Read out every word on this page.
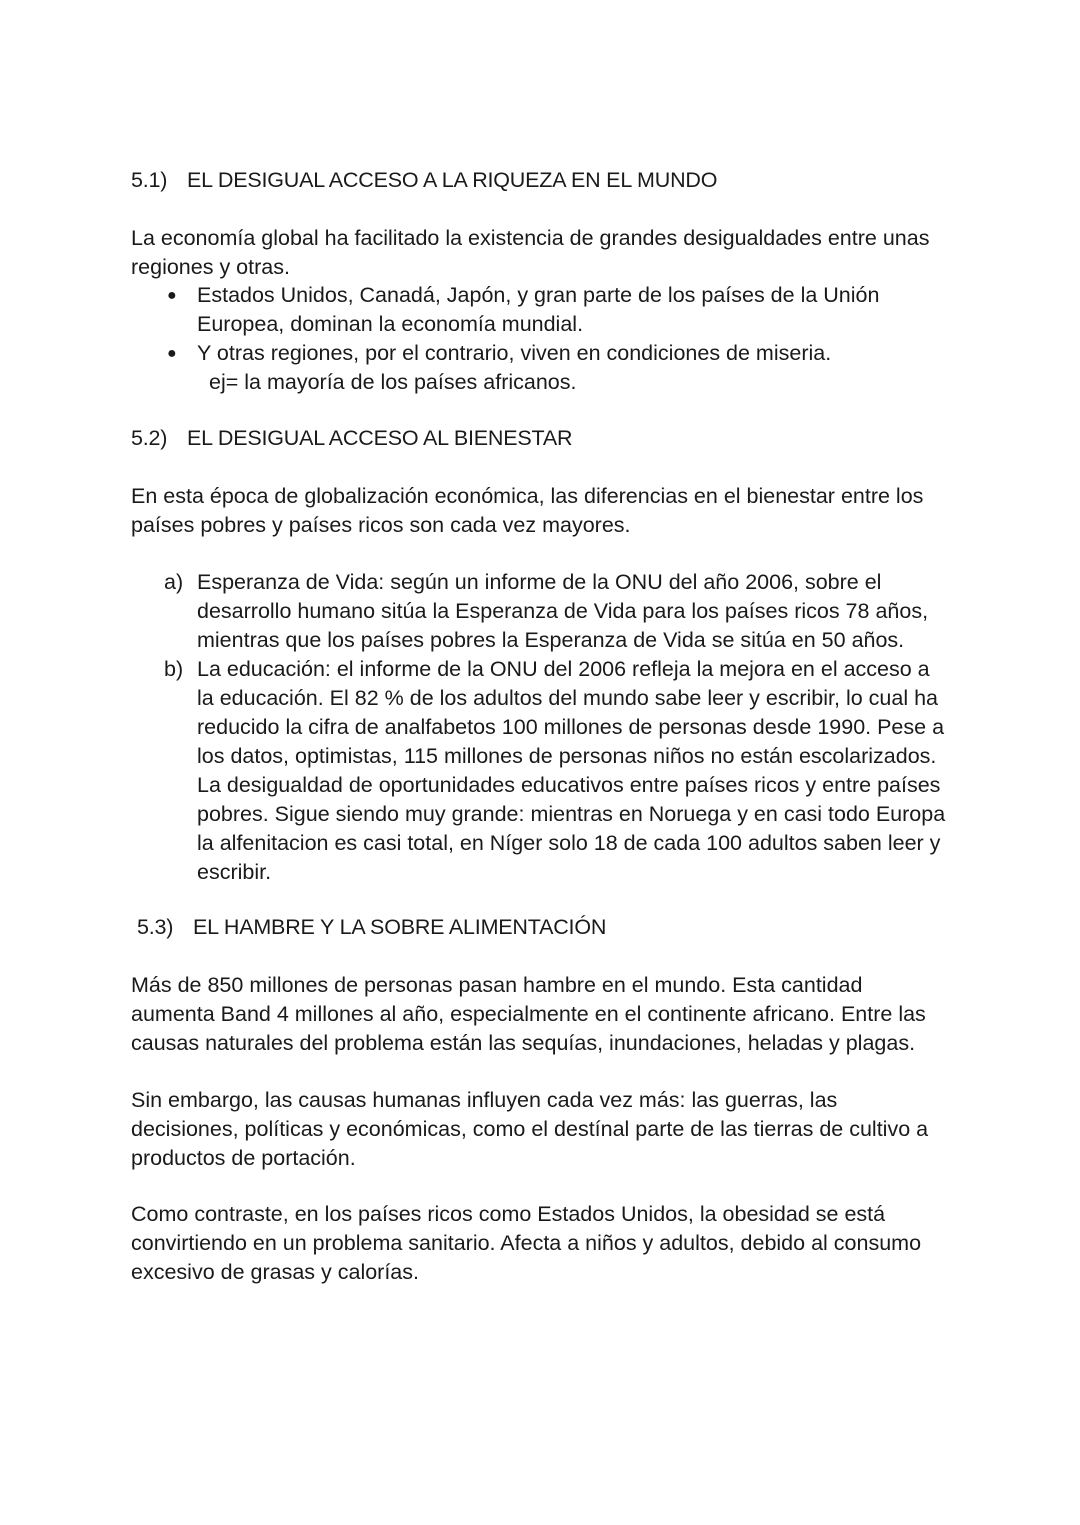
5.1) EL DESIGUAL ACCESO A LA RIQUEZA EN EL MUNDO

La economía global ha facilitado la existencia de grandes desigualdades entre unas regiones y otras.

● Estados Unidos, Canadá, Japón, y gran parte de los países de la Unión Europea, dominan la economía mundial.
● Y otras regiones, por el contrario, viven en condiciones de miseria.
ej= la mayoría de los países africanos.
5.2) EL DESIGUAL ACCESO AL BIENESTAR

En esta época de globalización económica, las diferencias en el bienestar entre los países pobres y países ricos son cada vez mayores.

a) Esperanza de Vida: según un informe de la ONU del año 2006, sobre el desarrollo humano sitúa la Esperanza de Vida para los países ricos 78 años, mientras que los países pobres la Esperanza de Vida se sitúa en 50 años.
b) La educación: el informe de la ONU del 2006 refleja la mejora en el acceso a la educación. El 82 % de los adultos del mundo sabe leer y escribir, lo cual ha reducido la cifra de analfabetos 100 millones de personas desde 1990. Pese a los datos, optimistas, 115 millones de personas niños no están escolarizados. La desigualdad de oportunidades educativos entre países ricos y entre países pobres. Sigue siendo muy grande: mientras en Noruega y en casi todo Europa la alfenitacion es casi total, en Níger solo 18 de cada 100 adultos saben leer y escribir.
5.3) EL HAMBRE Y LA SOBRE ALIMENTACIÓN

Más de 850 millones de personas pasan hambre en el mundo. Esta cantidad aumenta Band 4 millones al año, especialmente en el continente africano. Entre las causas naturales del problema están las sequías, inundaciones, heladas y plagas.

Sin embargo, las causas humanas influyen cada vez más: las guerras, las decisiones, políticas y económicas, como el destínal parte de las tierras de cultivo a productos de portación.

Como contraste, en los países ricos como Estados Unidos, la obesidad se está convirtiendo en un problema sanitario. Afecta a niños y adultos, debido al consumo excesivo de grasas y calorías.
